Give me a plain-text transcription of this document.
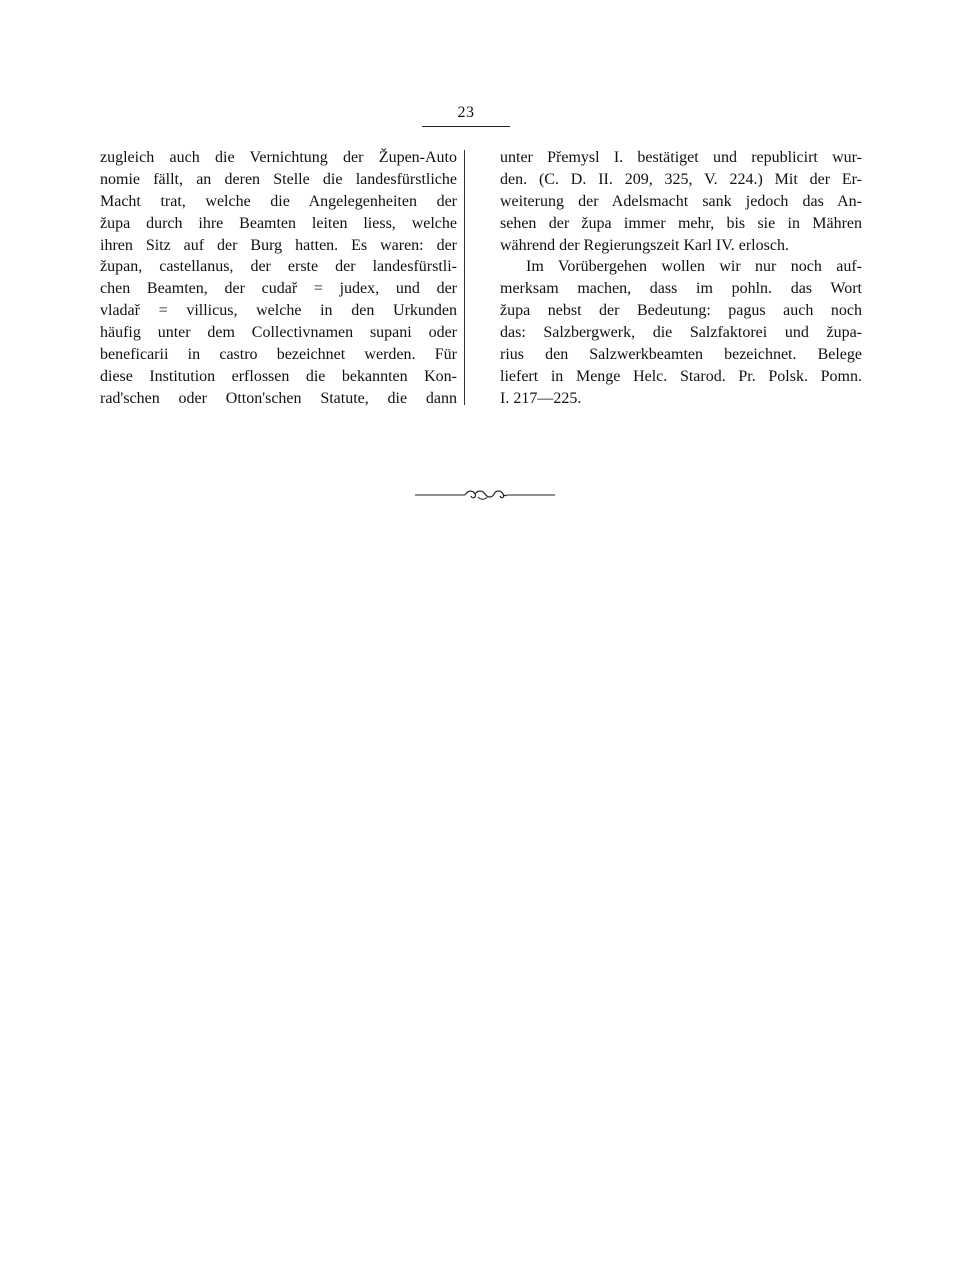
23
zugleich auch die Vernichtung der Župen-Auto
nomie fällt, an deren Stelle die landesfürstliche
Macht trat, welche die Angelegenheiten der
župa durch ihre Beamten leiten liess, welche
ihren Sitz auf der Burg hatten. Es waren: der
župan, castellanus, der erste der landesfürstli-
chen Beamten, der cudař = judex, und der
vladař = villicus, welche in den Urkunden
häufig unter dem Collectivnamen supani oder
beneficarii in castro bezeichnet werden. Für
diese Institution erflossen die bekannten Kon-
rad'schen oder Otton'schen Statute, die dann
unter Přemysl I. bestätiget und republicirt wur-
den. (C. D. II. 209, 325, V. 224.) Mit der Er-
weiterung der Adelsmacht sank jedoch das An-
sehen der župa immer mehr, bis sie in Mähren
während der Regierungszeit Karl IV. erlosch.
Im Vorübergehen wollen wir nur noch auf-
merksam machen, dass im pohln. das Wort
župa nebst der Bedeutung: pagus auch noch
das: Salzbergwerk, die Salzfaktorei und župa-
rius den Salzwerkbeamten bezeichnet. Belege
liefert in Menge Helc. Starod. Pr. Polsk. Pomn.
I. 217—225.
